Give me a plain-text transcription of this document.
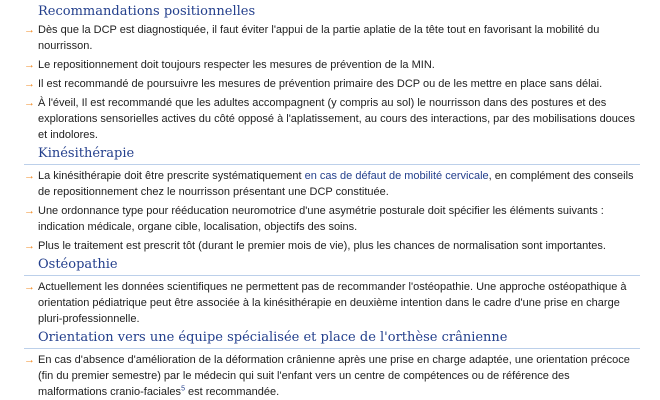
Recommandations positionnelles
→ Dès que la DCP est diagnostiquée, il faut éviter l'appui de la partie aplatie de la tête tout en favorisant la mobilité du nourrisson.
→ Le repositionnement doit toujours respecter les mesures de prévention de la MIN.
→ Il est recommandé de poursuivre les mesures de prévention primaire des DCP ou de les mettre en place sans délai.
→ À l'éveil, Il est recommandé que les adultes accompagnent (y compris au sol) le nourrisson dans des postures et des explorations sensorielles actives du côté opposé à l'aplatissement, au cours des interactions, par des mobilisations douces et indolores.
Kinésithérapie
→ La kinésithérapie doit être prescrite systématiquement en cas de défaut de mobilité cervicale, en complément des conseils de repositionnement chez le nourrisson présentant une DCP constituée.
→ Une ordonnance type pour rééducation neuromotrice d'une asymétrie posturale doit spécifier les éléments suivants : indication médicale, organe cible, localisation, objectifs des soins.
→ Plus le traitement est prescrit tôt (durant le premier mois de vie), plus les chances de normalisation sont importantes.
Ostéopathie
→ Actuellement les données scientifiques ne permettent pas de recommander l'ostéopathie. Une approche ostéopathique à orientation pédiatrique peut être associée à la kinésithérapie en deuxième intention dans le cadre d'une prise en charge pluri-professionnelle.
Orientation vers une équipe spécialisée et place de l'orthèse crânienne
→ En cas d'absence d'amélioration de la déformation crânienne après une prise en charge adaptée, une orientation précoce (fin du premier semestre) par le médecin qui suit l'enfant vers un centre de compétences ou de référence des malformations cranio-faciales$^5$ est recommandée.
